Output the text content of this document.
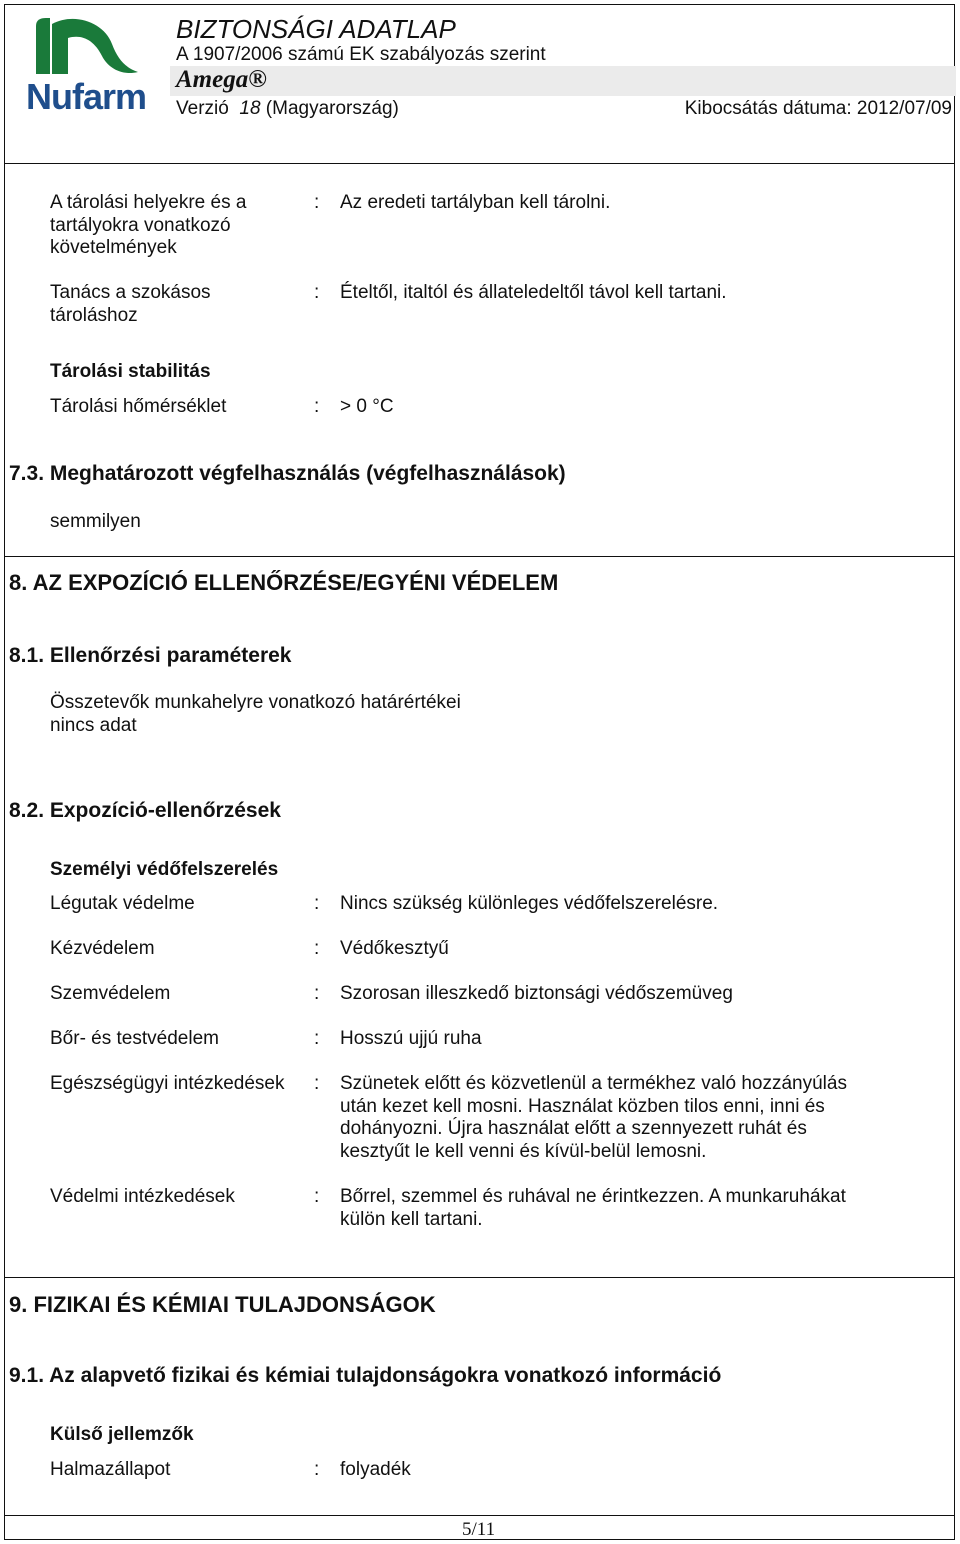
Nufarm
BIZTONSÁGI ADATLAP
A 1907/2006 számú EK szabályozás szerint
Amega®
Verzió 18 (Magyarország)	Kibocsátás dátuma: 2012/07/09
A tárolási helyekre és a tartályokra vonatkozó követelmények
: Az eredeti tartályban kell tárolni.
Tanács a szokásos tároláshoz
: Ételtől, italtól és állateledeltől távol kell tartani.
Tárolási stabilitás
Tárolási hőmérséklet	: > 0 °C
7.3. Meghatározott végfelhasználás (végfelhasználások)
semmilyen
8. AZ EXPOZÍCIÓ ELLENŐRZÉSE/EGYÉNI VÉDELEM
8.1. Ellenőrzési paraméterek
Összetevők munkahelyre vonatkozó határértékei
nincs adat
8.2. Expozíció-ellenőrzések
Személyi védőfelszerelés
Légutak védelme	: Nincs szükség különleges védőfelszerelésre.
Kézvédelem	: Védőkesztyű
Szemvédelem	: Szorosan illeszkedő biztonsági védőszemüveg
Bőr- és testvédelem	: Hosszú ujjú ruha
Egészségügyi intézkedések : Szünetek előtt és közvetlenül a termékhez való hozzányúlás után kezet kell mosni. Használat közben tilos enni, inni és dohányozni. Újra használat előtt a szennyezett ruhát és kesztyűt le kell venni és kívül-belül lemosni.
Védelmi intézkedések	: Bőrrel, szemmel és ruhával ne érintkezzen. A munkaruhákat külön kell tartani.
9. FIZIKAI ÉS KÉMIAI TULAJDONSÁGOK
9.1. Az alapvető fizikai és kémiai tulajdonságokra vonatkozó információ
Külső jellemzők
Halmazállapot	: folyadék
5/11
